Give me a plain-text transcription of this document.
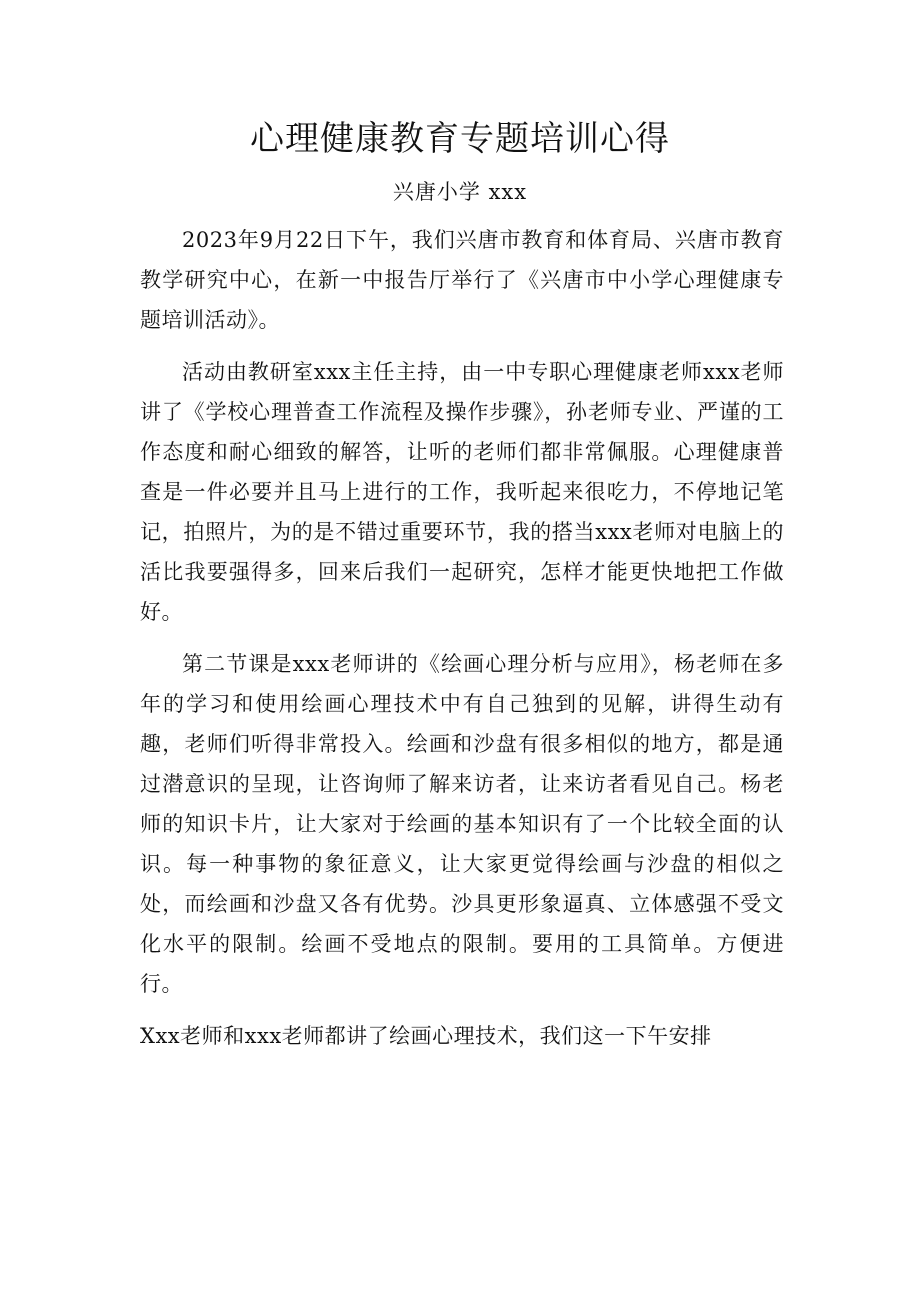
心理健康教育专题培训心得

兴唐小学 xxx

2023年9月22日下午，我们兴唐市教育和体育局、兴唐市教育教学研究中心，在新一中报告厅举行了《兴唐市中小学心理健康专题培训活动》。

活动由教研室xxx主任主持，由一中专职心理健康老师xxx老师讲了《学校心理普查工作流程及操作步骤》，孙老师专业、严谨的工作态度和耐心细致的解答，让听的老师们都非常佩服。心理健康普查是一件必要并且马上进行的工作，我听起来很吃力，不停地记笔记，拍照片，为的是不错过重要环节，我的搭当xxx老师对电脑上的活比我要强得多，回来后我们一起研究，怎样才能更快地把工作做好。

第二节课是xxx老师讲的《绘画心理分析与应用》，杨老师在多年的学习和使用绘画心理技术中有自己独到的见解，讲得生动有趣，老师们听得非常投入。绘画和沙盘有很多相似的地方，都是通过潜意识的呈现，让咨询师了解来访者，让来访者看见自己。杨老师的知识卡片，让大家对于绘画的基本知识有了一个比较全面的认识。每一种事物的象征意义，让大家更觉得绘画与沙盘的相似之处，而绘画和沙盘又各有优势。沙具更形象逼真、立体感强不受文化水平的限制。绘画不受地点的限制。要用的工具简单。方便进行。

Xxx老师和xxx老师都讲了绘画心理技术，我们这一下午安排
